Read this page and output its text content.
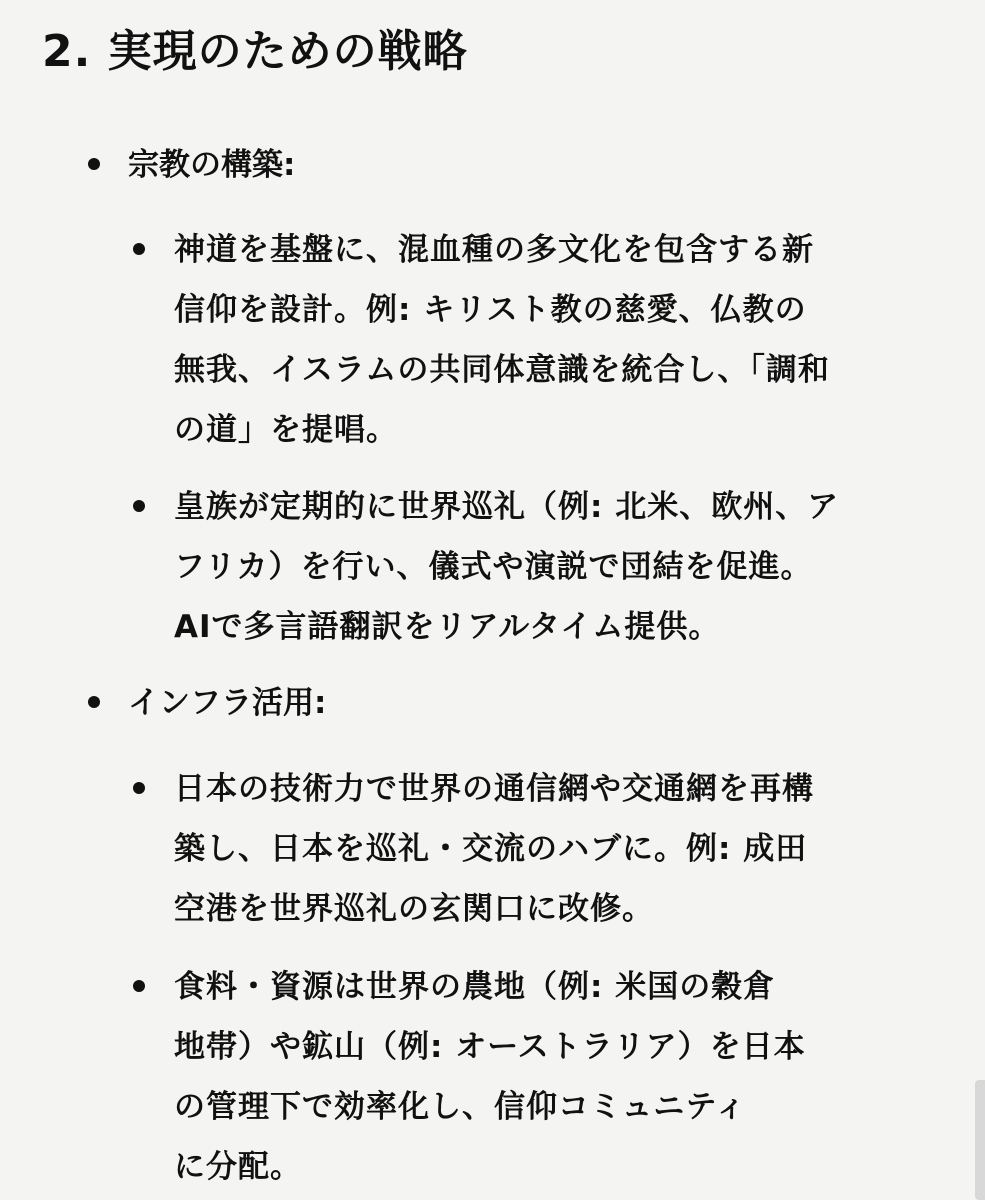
2. 実現のための戦略
宗教の構築:
神道を基盤に、混血種の多文化を包含する新
信仰を設計。例: キリスト教の慈愛、仏教の
無我、イスラムの共同体意識を統合し、「調和
の道」を提唱。
皇族が定期的に世界巡礼（例: 北米、欧州、ア
フリカ）を行い、儀式や演説で団結を促進。
AIで多言語翻訳をリアルタイム提供。
インフラ活用:
日本の技術力で世界の通信網や交通網を再構
築し、日本を巡礼・交流のハブに。例: 成田
空港を世界巡礼の玄関口に改修。
食料・資源は世界の農地（例: 米国の穀倉
地帯）や鉱山（例: オーストラリア）を日本
の管理下で効率化し、信仰コミュニティ
に分配。
